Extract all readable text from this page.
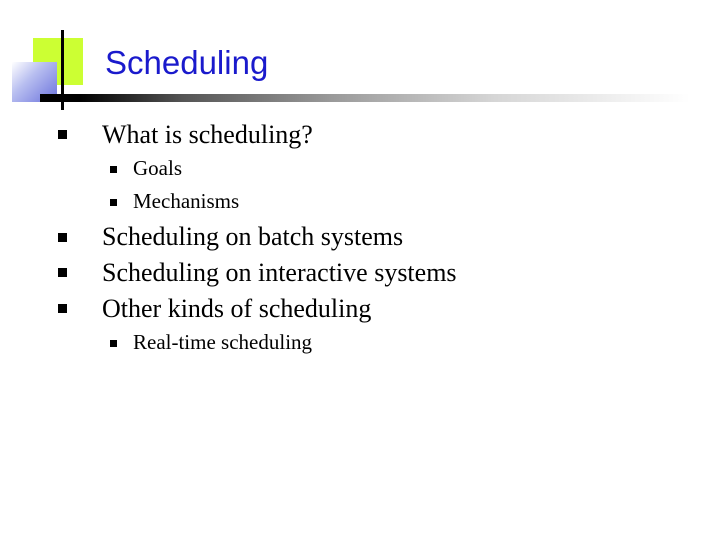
Scheduling
What is scheduling?
Goals
Mechanisms
Scheduling on batch systems
Scheduling on interactive systems
Other kinds of scheduling
Real-time scheduling
